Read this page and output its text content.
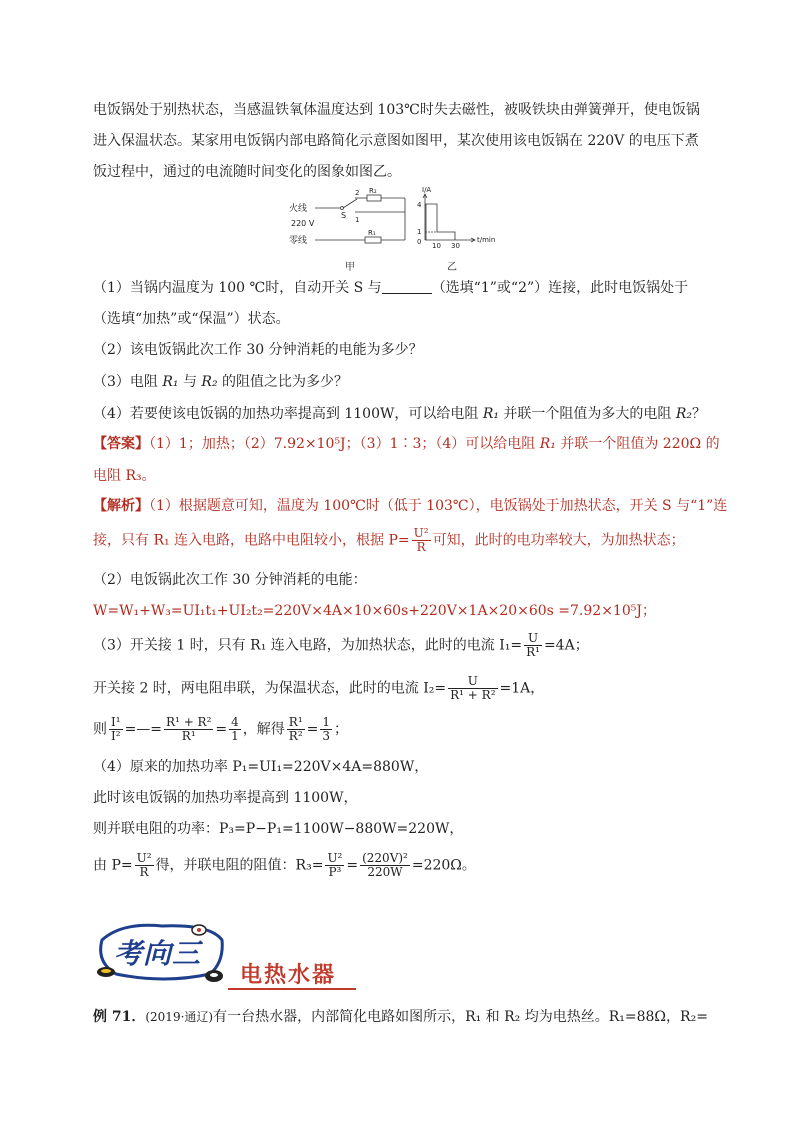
电饭锅处于别热状态，当感温铁氧体温度达到 103℃时失去磁性，被吸铁块由弹簧弹开，使电饭锅
进入保温状态。某家用电饭锅内部电路简化示意图如图甲，某次使用该电饭锅在 220V 的电压下煮
饭过程中，通过的电流随时间变化的图象如图乙。
火线
220 V
零线
S
2
1
R₂
R₁
甲
I/A
4
1
0 10 30
t/min
乙
（1）当锅内温度为 100 ℃时，自动开关 S 与	（选填“1”或“2”）连接，此时电饭锅处于
（选填“加热”或“保温”）状态。
（2）该电饭锅此次工作 30 分钟消耗的电能为多少？
（3）电阻 R₁ 与 R₂ 的阻值之比为多少？
（4）若要使该电饭锅的加热功率提高到 1100W，可以给电阻 R₁ 并联一个阻值为多大的电阻 R₂？
【答案】（1）1；加热；（2）7.92×10⁵J；（3）1∶3；（4）可以给电阻 R₁ 并联一个阻值为 220Ω 的
电阻 R₃。
【解析】（1）根据题意可知，温度为 100℃时（低于 103℃），电饭锅处于加热状态，开关 S 与“1”连
接，只有 R₁ 连入电路，电路中电阻较小，根据 $P= \frac{\text{U²}}{R}$ 可知，此时的电功率较大，为加热状态；
（2）电饭锅此次工作 30 分钟消耗的电能：
W=W₁+W₃=UI₁t₁+UI₂t₂=220V×4A×10×60s+220V×1A×20×60s =7.92×10⁵J；
（3）开关接 1 时，只有 R₁ 连入电路，为加热状态，此时的电流 $I_1= \frac{U}{\text{R¹}} =4A$；
开关接 2 时，两电阻串联，为保温状态，此时的电流 $I_2= \frac{U}{\text{R¹ + R²}} =1A$，
则 $\frac{\text{I¹}}{\text{I²}}$ =—= $\frac{\text{R¹ + R²}}{\text{R¹}} = \frac{4}{1}$ ，解得 $\frac{\text{R¹}}{\text{R²}} = \frac{1}{3}$ ；
（4）原来的加热功率 P₁=UI₁=220V×4A=880W，
此时该电饭锅的加热功率提高到 1100W，
则并联电阻的功率：P₃=P−P₁=1100W−880W=220W，
由 $P= \frac{\text{U²}}{R}$ 得，并联电阻的阻值：$R_3= \frac{\text{U²}}{\text{P³}} = \frac{\text{(220V)²}}{220W} =220\Omega$。
考向三
电热水器
例 71．(2019·通辽)有一台热水器，内部简化电路如图所示，R₁ 和 R₂ 均为电热丝。R₁=88Ω，R₂=
